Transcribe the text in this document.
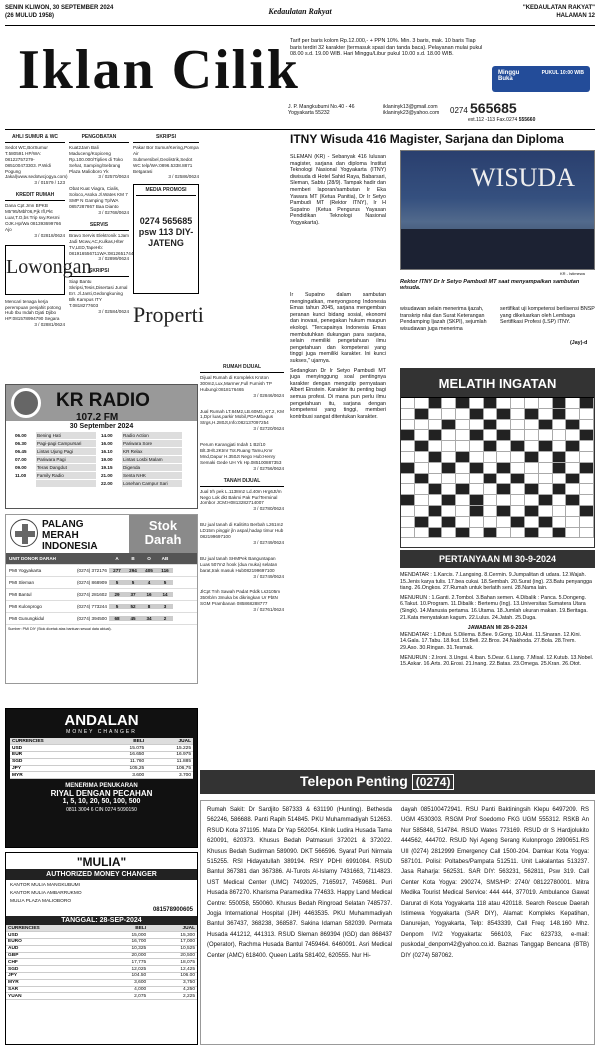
SENIN KLIWON, 30 SEPTEMBER 2024
(26 MULUD 1958)	Kedaulatan Rakyat	"KEDAULATAN RAKYAT"
HALAMAN 12
Iklan Cilik
Tarif per baris kolom Rp.12.000,- + PPN 10%. Min. 3 baris, mak. 10 baris Tiap baris terdiri 32 karakter (termasuk spasi dan tanda baca). Pelayanan mulai pukul 08.00 s.d. 19.00 WIB. Hari Minggu/Libur pukul 10.00 s.d. 18.00 WIB.
Minggu
Buka
PUKUL 10:00 WIB
J. P. Mangkubumi No.40 - 46 Yogyakarta 55232
iklaninyk13@gmail.com
iklaninyk23@yahoo.com	0274 565685
ext.112 -113 Fax.0274 555660
AHLI SUMUR & WC
Sedot WC,BorSumur T.580591 HP/WA: 08122757279-085100473303. P.Widi Pogung Jakal(www.sedotwcjogya.com)
3 / 01579 / 123
KREDIT RUMAH
Dana Cpt Jmn BPKB Mtr'95/Mbl'06,Pjk Ifl,Pkt Luar,T.O,bs Trip svy.Resmi OJK.Hp/Wa 081393699766 Ajo
3 / 02818/0624
Lowongan
Mencari tenaga kerja perempuan penjahit potong Hub Ibu Indah Djati Djibo HP:081578994790 Segara
3 / 02881/0624
PENGOBATAN
Kuat2Jam Bali Maduceng/Kopiceng Rp.100.000/Tiplies di Toko Sehat, Samping/Sebrang Plaza Malioboro Yk
3 / 02570/0624
Obat Kuat Viagra, Cialis, Soloco,Asoka Jl.Wates KM 7 SMP N Gamping Tp/WA 0857287867 Baa Dianto
3 / 02768/0624
SERVIS
Bravo Servis Elektronik 1Jam Jadi Mcwv,AC,Kulkas,Hlter TV,LED,TapeHb: 081916556711WA:0812651744
3 / 02899/0624
SKRIPSI
Siap Bantu Skripsi,Tesis,Disertasi Jurnal Err. Jl.Janti,Gedongkuning Blk Kampus ITY T.0818277603
3 / 02584/0624
SKRIPSI
Pakar Bor Sumur/Kering,Pompa Air Submersibel,Geolistrik,Sedot WC telp/WA:0896.5338.8871 Betgarasi
3 / 02586/0624
MEDIA PROMOSI
0274 565685 psw 113 DIY-JATENG
Properti
RUMAH DIJUAL
Dijual Rumah di Kompleks Kroton 300m2,Lux,Marmer,Full Furnish TP Hubungi:0818176465
3 / 02846/0624
Jual Rumah LT.84M2,LB.60M2, KT.2, KM 1,Dpr luas,parkir Mobil,PDAMbagus Strgs,H.280Jt,Info:082137097254
3 / 02720/0624
Perum Karangjati Indah 1 B2/10 Blt.3Hlt.2Ktmr Tot.Ruang Tamu,Kmr Mnd,Dapur H.350Jt Nego Hub:Henry Semaki Gede UH Yk Hp.085100887353
3 / 02756/0624
TANAH DIJUAL
Jual trh pek L.1138m2 Ld.40m Hrg6Jt/m Nego Lok dkt Bakmi Pak Pur/Terminal Jombor JCM:H0813282714007
3 / 02780/0624
BU jual tanah di Kalitirto Berbah L261m2 LD15m pinggir jln aspal,hadap timur Hub 082199697100
3 / 02749/0624
BU jual tanah SHMPek Banguntapan Luas 507m2 hook (dua muka) selatan barat,trak masuk Hub082199697100
3 / 02749/0624
JlCpt Tnh Sawah Padat Pddk Ls3105m 350rb/m 3muka bs dikringkan Ur PbtN SGM Prambanan 085868288777
3 / 02761/0624
KR RADIO
107.2 FM
30 September 2024
06.00	Bening Hati	14.00	Radio Action
06.30	Pagi-pagi Campursari	16.00	Pariwara Sore
06.45	Lintas Ujung Pagi	16.10	KR Relax
07.00	Pariwara Pagi	19.00	Lintas Losbi Malam
09.00	Teras Dangdut	19.15	Digenda
11.00	Family Radio	21.00	Senta NHK
22.00	Losehan Campur Sari
PALANG
MERAH
INDONESIA
Stok Darah
UNIT DONOR DARAH	A	B	O	AB
PMI Yogyakarta	(0274) 372176	277	294	405	116
PMI Sleman	(0274) 868909	5	5	4	5
PMI Bantul	(0274) 281602	29	37	16	14
PMI Kulonprogo	(0274) 773244	5	52	8	3
PMI Gunungkidul	(0274) 394500	68	45	34	2
Sumber: PMI DIY (Stok dicetak atas bantuan sesuai data aktual).
ANDALAN
MONEY CHANGER
CURRENCIES	BELI	JUAL
USD	15.075	15.225
EUR	16.650	16.975
SGD	11.760	11.885
JPY	105,25	106,75
MYR	3.600	3.700
MENERIMA PENUKARAN
RIYAL DENGAN PECAHAN
1, 5, 10, 20, 50, 100, 500
0811 3004 6 CIN 0274 5090150
"MULIA"
AUTHORIZED MONEY CHANGER
KANTOR MULIA MANGKUBUMI
KANTOR MULIA AMBARRUKMO
MULIA PLAZA MALIOBORO
081578900605
TANGGAL: 28-SEP-2024
CURRENCIES	BELI	JUAL
USD	15,000	15,300
EURO	16,700	17,000
AUD	10,325	10,525
GBP	20,000	20,500
CHF	17,775	18,075
SGD	12,025	12,425
JPY	104.50	106.00
MYR	3,600	3,750
SAR	4,000	4,250
YUAN	2,075	2,225
ITNY Wisuda 416 Magister, Sarjana dan Diploma
SLEMAN (KR) - Sebanyak 416 lulusan magister, sarjana dan diploma Institut Teknologi Nasional Yogyakarta (ITNY) diwisuda di Hotel Sahid Raya, Babarsari, Sleman, Sabtu (28/9). Tampak hadir dan memberi laporan/sambutan Ir Eka Yawara MT (Ketua Panitia), Dr Ir Setyo Pambudi MT (Rektor ITNY), Ir H Supatno (Ketua Pengurus Yayasan Pendidikan Teknologi Nasional Yogyakarta).
Ir Supatno dalam sambutan mengingatkan, menyongsong Indonesia Emas tahun 2045, sarjana mengemban peranan kunci bidang sosial, ekonomi dan inovasi, penegakan hukum maupun ekologi. "Tercapainya Indonesia Emas membutuhkan dukungan para sarjana, selain memiliki pengetahuan ilmu pengetahuan dan kompetensi yang tinggi juga memiliki karakter. Ini kunci sukses," ujarnya.
Sedangkan Dr Ir Setyo Pambudi MT juga menyinggung soal pentingnya karakter dengan mengutip pernyataan Albert Einstein. Karakter itu penting bagi semua profesi. Di mana pun perlu ilmu pengetahuan itu, sarjana dengan kompetensi yang tinggi, memberi kontribusi sangat ditentukan karakter.
WISUDA
KR - Istimewa
Rektor ITNY Dr Ir Setyo Pambudi MT saat menyampaikan sambutan wisuda.
wisudawan selain menerima ijazah, transkrip nilai dan Surat Keterangan Pendamping Ijazah (SKPI), sejumlah wisudawan juga menerima
sertifikat uji kompetensi berlisensi BNSP yang dikeluarkan oleh Lembaga Sertifikasi Profesi (LSP) ITNY.
(Jay)-d
MELATIH INGATAN
PERTANYAAN MI 30-9-2024
MENDATAR : 1.Karcis. 7.Langsing. 8.Cermin. 9.Jumpalitan di udara. 12.Wajah. 15.Jenis karya tulis. 17.bea cukai. 18.Sembah. 20.Surat (ing). 23.Batu penyangga tiang. 26.Ongkos. 27.Rumah untuk berlatih seni. 28.Nama lain.
MENURUN : 1.Ganti. 2.Tombol. 3.Bahan semen. 4.Dibalik : Panca. 5.Dongeng. 6.Takut. 10.Program. 11.Dibalik : Bertemu (Ing). 13.Universitas Sumatera Utara (Singk). 14.Manusia pertama. 16.Utama. 18.Jumlah ukuran makan. 19.Beritaga. 21.Kata menyatakan kagum. 22.Lulus. 24.Jatah. 25.Duga.
JAWABAN MI 28-9-2024
MENDATAR : 1.Difusi. 5.Dilema. 8.Bee. 9.Gong. 10.Aksi. 11.Sinaran. 12.Kini. 14.Gala. 17.Tabu. 18.Ikut. 19.Beli. 22.Bros. 24.Nakhoda. 27.Bola. 28.Trem. 29.Aso. 30.Ringan. 31.Tesmak.
MENURUN : 2.Ironi. 3.Ungsi. 4.Iban. 5.Dear. 6.Liang. 7.Misal. 12.Kutub. 13.Nobel. 15.Askar. 16.Arts. 20.Erosi. 21.Inang. 22.Batas. 23.Omega. 25.Kran. 26.Otot.
Telepon Penting (0274)
Rumah Sakit: Dr Sardjito 587333 & 631190 (Hunting). Bethesda 562246, 586688. Panti Rapih 514845. PKU Muhammadiyah 512653. RSUD Kota 371195. Mata Dr Yap 562054. Klinik Ludira Husada Tama 620091, 620373. Khusus Bedah Patmasuri 372021 & 372022. Khusus Bedah Sudirman 589090. DKT 566596. Syaraf Puri Nirmala 515255. RSI Hidayatullah 389194. RSIY PDHI 6991084. RSUD Bantul 367381 dan 367386. Al-Turots Al-Islamy 7431663, 7114823. UST Medical Center (UMC) 7492025, 7165917, 7459681. Puri Husada 867270. Kharisma Paramedika 774633. Happy Land Medical Centre: 550058, 550060. Khusus Bedah Ringroad Selatan 7485737. Jogja International Hospital (JIH) 4463535. PKU Muhammadiyah Bantul 367437, 368238, 368587. Sakina Idaman 582039. Permata Husada 441212, 441313. RSUD Sleman 869394 (IGD) dan 868437 (Operator), Rachma Husada Bantul 7459464. 6460091. Asri Medical Center (AMC) 618400. Queen Latifa 581402, 620555. Nur Hi-
dayah 085100472941. RSU Panti Baktiningsih Klepu 6497209. RS UGM 4530303. RSGM Prof Soedomo FKG UGM 555312. RSKB An Nur 585848, 514784. RSUD Wates 773169. RSUD dr S Hardjolukito 444562, 444702. RSUD Nyi Ageng Serang Kulonprogo 2890651.RS UII (0274) 2812999 Emergency Call 1500-204. Damkar Kota Yogya: 587101. Polisi: Poltabes/Pampata 512511. Unit Lakalantas 513237. Jasa Raharja: 562531. SAR DIY: 563231, 562811, Psw 319. Call Center Kota Yogya: 290274, SMS/HP: 2740/ 08122780001. Mitra Medika Tourist Medical Service: 444 444, 377019. Ambulance Gawat Darurat di Kota Yogyakarta 118 atau 420118. Search Rescue Daerah Istimewa Yogyakarta (SAR DIY), Alamat: Kompleks Kepatihan, Danurejan, Yogyakarta, Telp: 8543339, Call Freq: 148.160 Mhz. Denpom IV/2 Yogyakarta: 566103, Fax: 623733, e-mail: puskodal_denpom42@yahoo.co.id. Baznas Tanggap Bencana (BTB) DIY (0274) 587062.
